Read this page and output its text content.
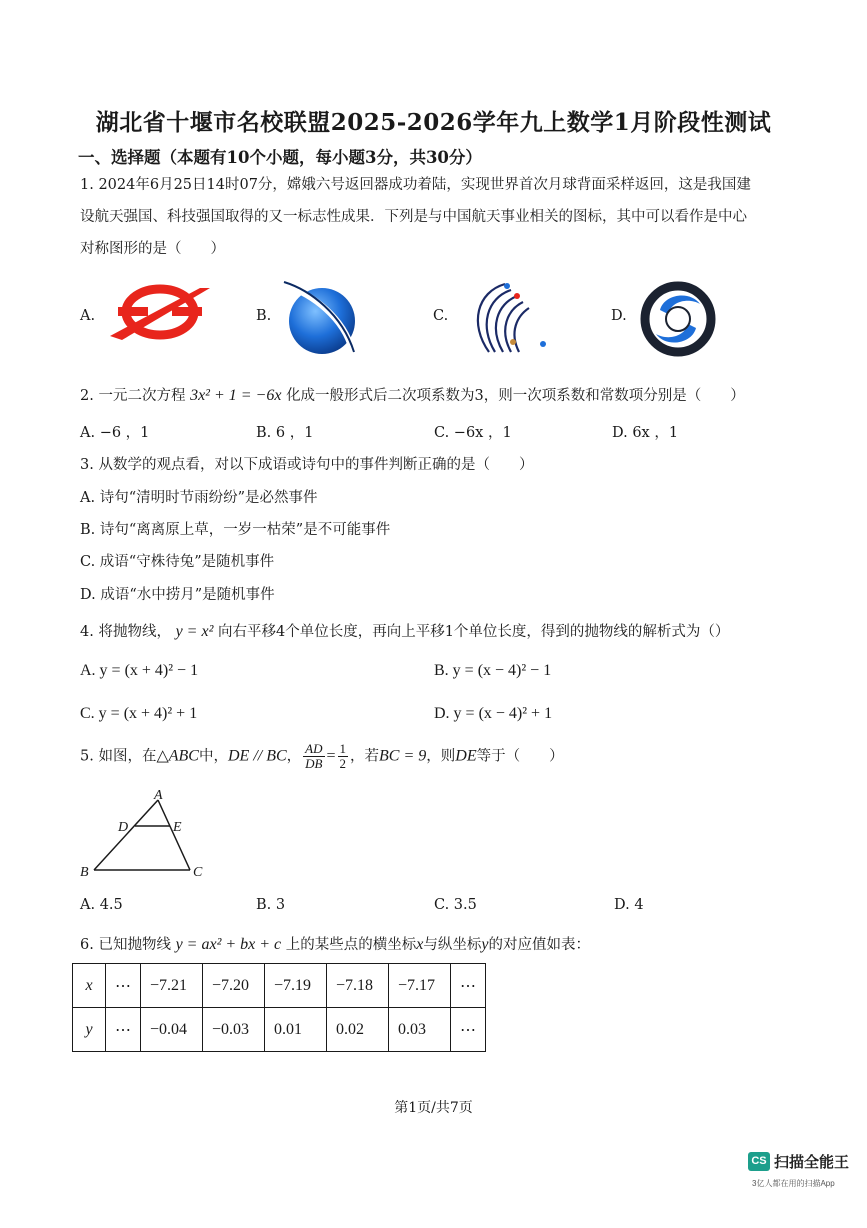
湖北省十堰市名校联盟2025-2026学年九上数学1月阶段性测试
一、选择题（本题有10个小题，每小题3分，共30分）
1. 2024年6月25日14时07分，嫦娥六号返回器成功着陆，实现世界首次月球背面采样返回，这是我国建
设航天强国、科技强国取得的又一标志性成果．下列是与中国航天事业相关的图标，其中可以看作是中心
对称图形的是（　　）
A.	B.	C.	D.
2. 一元二次方程 3x² + 1 = −6x 化成一般形式后二次项系数为3，则一次项系数和常数项分别是（　　）
A. −6 ，1	B. 6 ，1	C. −6x ，1	D. 6x ，1
3. 从数学的观点看，对以下成语或诗句中的事件判断正确的是（　　）
A. 诗句“清明时节雨纷纷”是必然事件
B. 诗句“离离原上草，一岁一枯荣”是不可能事件
C. 成语“守株待兔”是随机事件
D. 成语“水中捞月”是随机事件
4. 将抛物线， y = x² 向右平移4个单位长度，再向上平移1个单位长度，得到的抛物线的解析式为（）
A. y = (x + 4)² − 1	B. y = (x − 4)² − 1
C. y = (x + 4)² + 1	D. y = (x − 4)² + 1
5. 如图，在△ABC中，DE // BC， $\frac{AD}{DB} = \frac{1}{2}$ ，若BC = 9，则DE等于（　　）
A
D	E
B	C
A. 4.5	B. 3	C. 3.5	D. 4
6. 已知抛物线 y = ax² + bx + c 上的某些点的横坐标x与纵坐标y的对应值如表：
x	⋯	−7.21	−7.20	−7.19	−7.18	−7.17	⋯
y	⋯	−0.04	−0.03	0.01	0.02	0.03	⋯
第1页/共7页
CS 扫描全能王
3亿人都在用的扫描App
